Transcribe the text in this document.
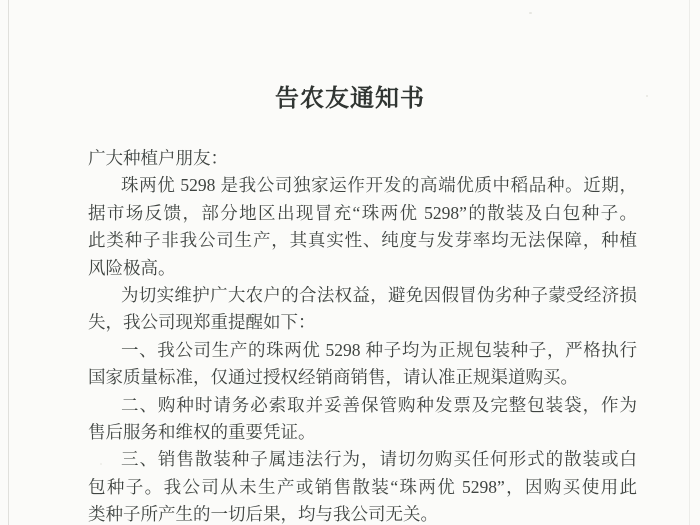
告农友通知书
广大种植户朋友：
珠两优 5298 是我公司独家运作开发的高端优质中稻品种。近期，
据市场反馈，部分地区出现冒充“珠两优 5298”的散装及白包种子。
此类种子非我公司生产，其真实性、纯度与发芽率均无法保障，种植
风险极高。
为切实维护广大农户的合法权益，避免因假冒伪劣种子蒙受经济损
失，我公司现郑重提醒如下：
一、我公司生产的珠两优 5298 种子均为正规包装种子，严格执行
国家质量标准，仅通过授权经销商销售，请认准正规渠道购买。
二、购种时请务必索取并妥善保管购种发票及完整包装袋，作为
售后服务和维权的重要凭证。
三、销售散装种子属违法行为，请切勿购买任何形式的散装或白
包种子。我公司从未生产或销售散装“珠两优 5298”，因购买使用此
类种子所产生的一切后果，均与我公司无关。
